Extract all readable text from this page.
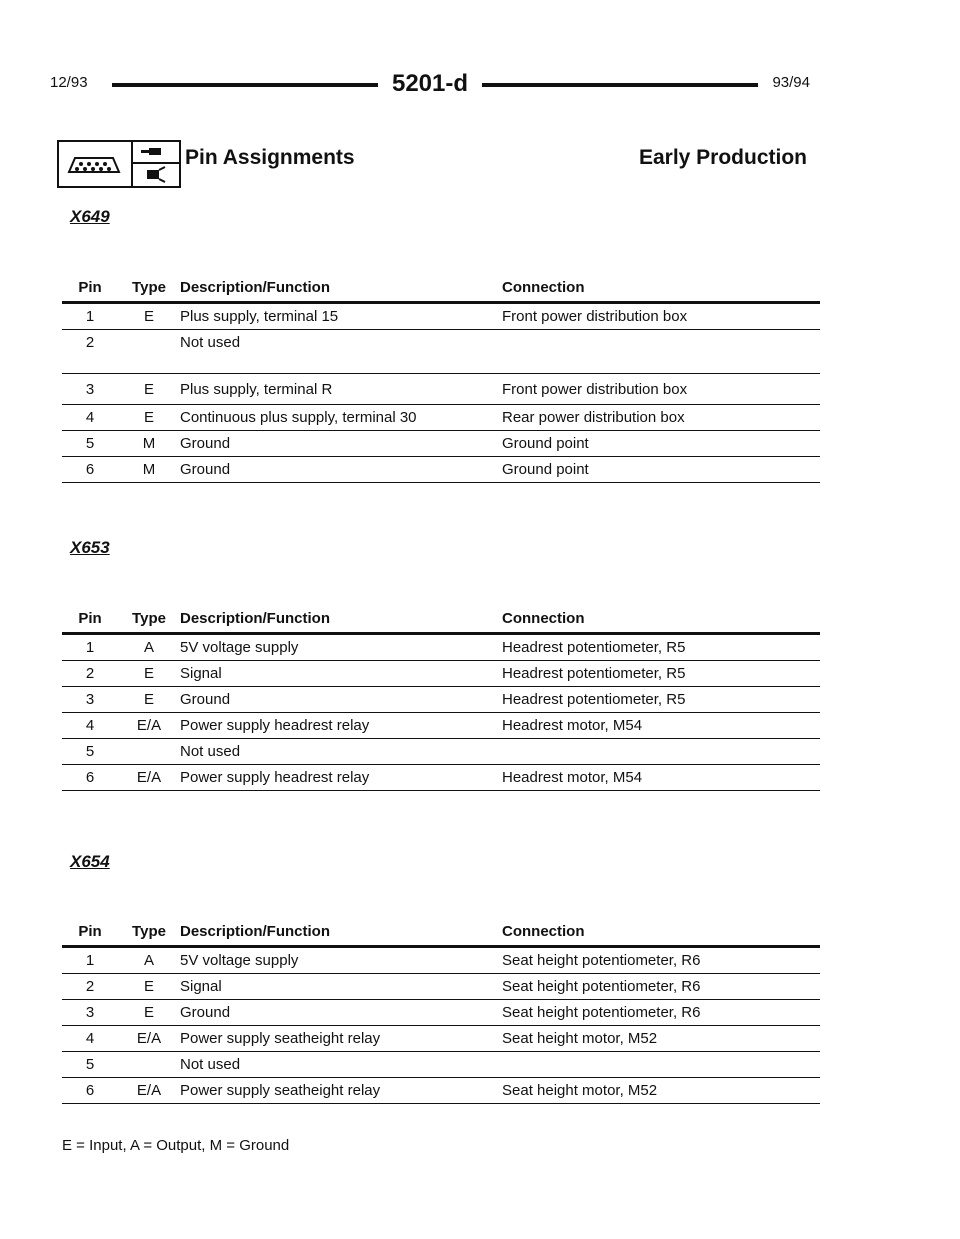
12/93	5201-d	93/94
Pin Assignments	Early Production
X649
Pin	Type	Description/Function	Connection
1	E	Plus supply, terminal 15	Front power distribution box
2		Not used	
3	E	Plus supply, terminal R	Front power distribution box
4	E	Continuous plus supply, terminal 30	Rear power distribution box
5	M	Ground	Ground point
6	M	Ground	Ground point
X653
Pin	Type	Description/Function	Connection
1	A	5V voltage supply	Headrest potentiometer, R5
2	E	Signal	Headrest potentiometer, R5
3	E	Ground	Headrest potentiometer, R5
4	E/A	Power supply headrest relay	Headrest motor, M54
5		Not used	
6	E/A	Power supply headrest relay	Headrest motor, M54
X654
Pin	Type	Description/Function	Connection
1	A	5V voltage supply	Seat height potentiometer, R6
2	E	Signal	Seat height potentiometer, R6
3	E	Ground	Seat height potentiometer, R6
4	E/A	Power supply seatheight relay	Seat height motor, M52
5		Not used	
6	E/A	Power supply seatheight relay	Seat height motor, M52
E = Input, A = Output, M = Ground
